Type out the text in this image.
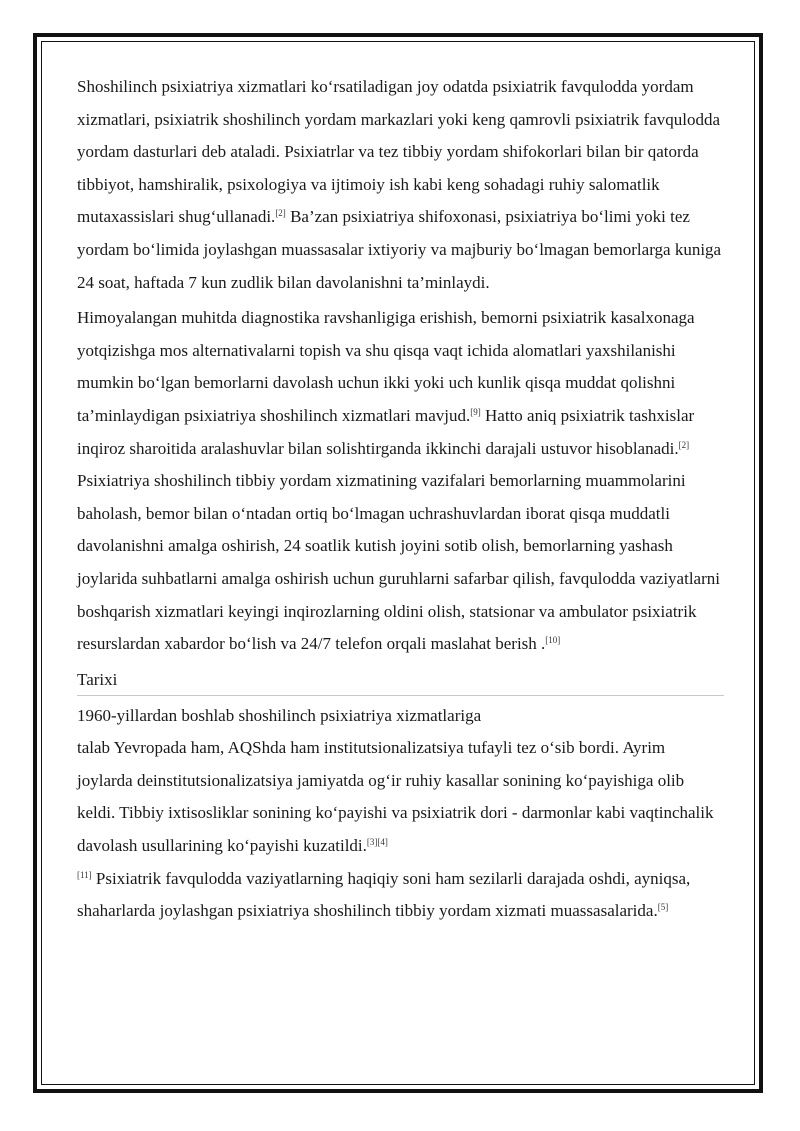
Shoshilinch psixiatriya xizmatlari ko‘rsatiladigan joy odatda psixiatrik favqulodda yordam xizmatlari, psixiatrik shoshilinch yordam markazlari yoki keng qamrovli psixiatrik favqulodda yordam dasturlari deb ataladi. Psixiatrlar va tez tibbiy yordam shifokorlari bilan bir qatorda tibbiyot, hamshiralik, psixologiya va ijtimoiy ish kabi keng sohadagi ruhiy salomatlik mutaxassislari shug‘ullanadi.[2] Ba’zan psixiatriya shifoxonasi, psixiatriya bo‘limi yoki tez yordam bo‘limida joylashgan muassasalar ixtiyoriy va majburiy bo‘lmagan bemorlarga kuniga 24 soat, haftada 7 kun zudlik bilan davolanishni ta’minlaydi.

Himoyalangan muhitda diagnostika ravshanligiga erishish, bemorni psixiatrik kasalxonaga yotqizishga mos alternativalarni topish va shu qisqa vaqt ichida alomatlari yaxshilanishi mumkin bo‘lgan bemorlarni davolash uchun ikki yoki uch kunlik qisqa muddat qolishni ta’minlaydigan psixiatriya shoshilinch xizmatlari mavjud.[9] Hatto aniq psixiatrik tashxislar inqiroz sharoitida aralashuvlar bilan solishtirganda ikkinchi darajali ustuvor hisoblanadi.[2] Psixiatriya shoshilinch tibbiy yordam xizmatining vazifalari bemorlarning muammolarini baholash, bemor bilan o‘ntadan ortiq bo‘lmagan uchrashuvlardan iborat qisqa muddatli davolanishni amalga oshirish, 24 soatlik kutish joyini sotib olish, bemorlarning yashash joylarida suhbatlarni amalga oshirish uchun guruhlarni safarbar qilish, favqulodda vaziyatlarni boshqarish xizmatlari keyingi inqirozlarning oldini olish, statsionar va ambulator psixiatrik resurslardan xabardor bo‘lish va 24/7 telefon orqali maslahat berish .[10]

Tarixi

1960-yillardan boshlab shoshilinch psixiatriya xizmatlariga
talab Yevropada ham, AQShda ham institutsionalizatsiya tufayli tez o‘sib bordi. Ayrim joylarda deinstitutsionalizatsiya jamiyatda og‘ir ruhiy kasallar sonining ko‘payishiga olib keldi. Tibbiy ixtisosliklar sonining ko‘payishi va psixiatrik dori - darmonlar kabi vaqtinchalik davolash usullarining ko‘payishi kuzatildi.[3][4]
[11] Psixiatrik favqulodda vaziyatlarning haqiqiy soni ham sezilarli darajada oshdi, ayniqsa, shaharlarda joylashgan psixiatriya shoshilinch tibbiy yordam xizmati muassasalarida.[5]
